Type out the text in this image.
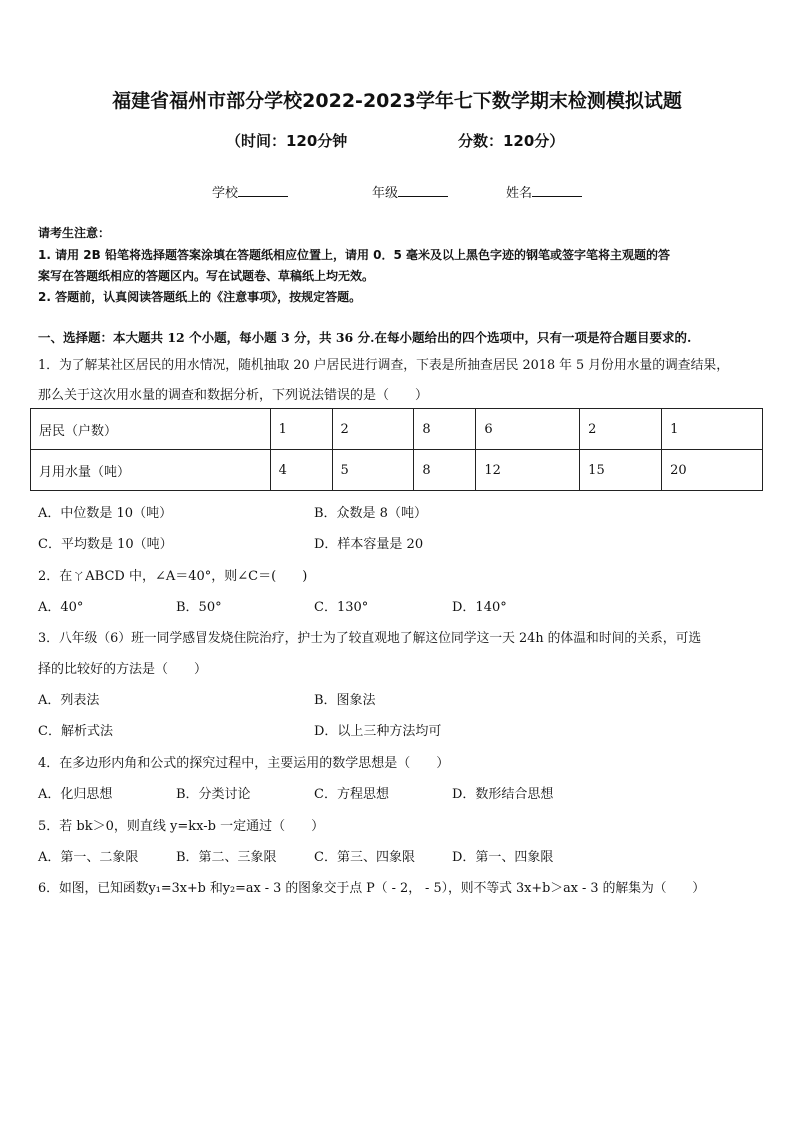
福建省福州市部分学校2022-2023学年七下数学期末检测模拟试题
（时间：120分钟	分数：120分）
学校	年级	姓名
请考生注意：
1. 请用 2B 铅笔将选择题答案涂填在答题纸相应位置上，请用 0．5 毫米及以上黑色字迹的钢笔或签字笔将主观题的答
案写在答题纸相应的答题区内。写在试题卷、草稿纸上均无效。
2. 答题前，认真阅读答题纸上的《注意事项》，按规定答题。
一、选择题：本大题共 12 个小题，每小题 3 分，共 36 分.在每小题给出的四个选项中，只有一项是符合题目要求的.
1．为了解某社区居民的用水情况，随机抽取 20 户居民进行调查，下表是所抽查居民 2018 年 5 月份用水量的调查结果，
那么关于这次用水量的调查和数据分析，下列说法错误的是（　　）
居民（户数）	1	2	8	6	2	1
月用水量（吨）	4	5	8	12	15	20
A．中位数是 10（吨）	B．众数是 8（吨）
C．平均数是 10（吨）	D．样本容量是 20
2．在ㄚABCD 中，∠A＝40°，则∠C＝(　　)
A．40°	B．50°	C．130°	D．140°
3．八年级（6）班一同学感冒发烧住院治疗，护士为了较直观地了解这位同学这一天 24h 的体温和时间的关系，可选
择的比较好的方法是（　　）
A．列表法	B．图象法
C．解析式法	D．以上三种方法均可
4．在多边形内角和公式的探究过程中，主要运用的数学思想是（　　）
A．化归思想	B．分类讨论	C．方程思想	D．数形结合思想
5．若 bk＞0，则直线 y=kx-b 一定通过（　　）
A．第一、二象限	B．第二、三象限	C．第三、四象限	D．第一、四象限
6．如图，已知函数y₁=3x+b 和y₂=ax - 3 的图象交于点 P（ - 2， - 5），则不等式 3x+b＞ax - 3 的解集为（　　）
